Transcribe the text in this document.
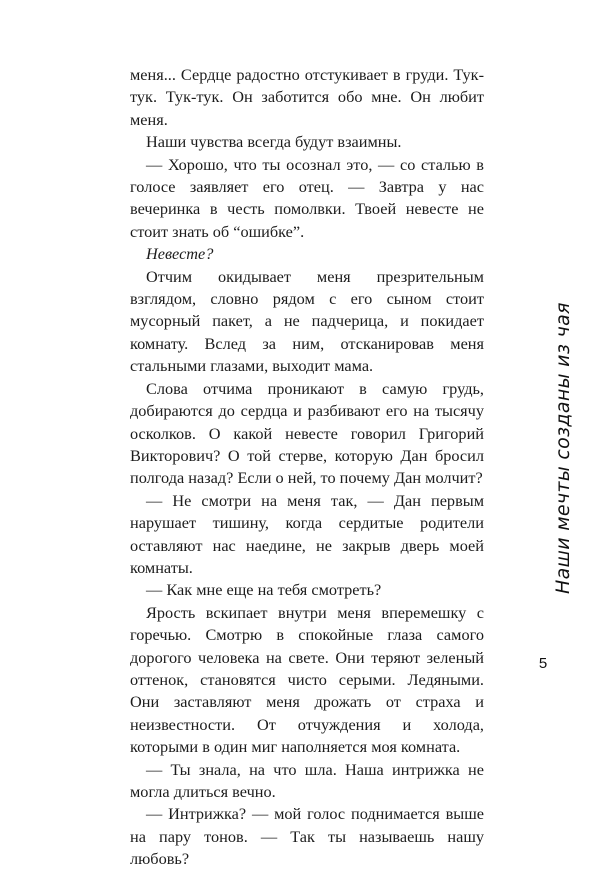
меня... Сердце радостно отстукивает в груди. Тук-тук. Тук-тук. Он заботится обо мне. Он любит меня.

Наши чувства всегда будут взаимны.

— Хорошо, что ты осознал это, — со сталью в голосе заявляет его отец. — Завтра у нас вечеринка в честь помолвки. Твоей невесте не стоит знать об “ошибке”.

Невесте?

Отчим окидывает меня презрительным взглядом, словно рядом с его сыном стоит мусорный пакет, а не падчерица, и покидает комнату. Вслед за ним, отсканировав меня стальными глазами, выходит мама.

Слова отчима проникают в самую грудь, добираются до сердца и разбивают его на тысячу осколков. О какой невесте говорил Григорий Викторович? О той стерве, которую Дан бросил полгода назад? Если о ней, то почему Дан молчит?

— Не смотри на меня так, — Дан первым нарушает тишину, когда сердитые родители оставляют нас наедине, не закрыв дверь моей комнаты.

— Как мне еще на тебя смотреть?

Ярость вскипает внутри меня вперемешку с горечью. Смотрю в спокойные глаза самого дорогого человека на свете. Они теряют зеленый оттенок, становятся чисто серыми. Ледяными. Они заставляют меня дрожать от страха и неизвестности. От отчуждения и холода, которыми в один миг наполняется моя комната.

— Ты знала, на что шла. Наша интрижка не могла длиться вечно.

— Интрижка? — мой голос поднимается выше на пару тонов. — Так ты называешь нашу любовь?

Наши мечты созданы из чая
5
